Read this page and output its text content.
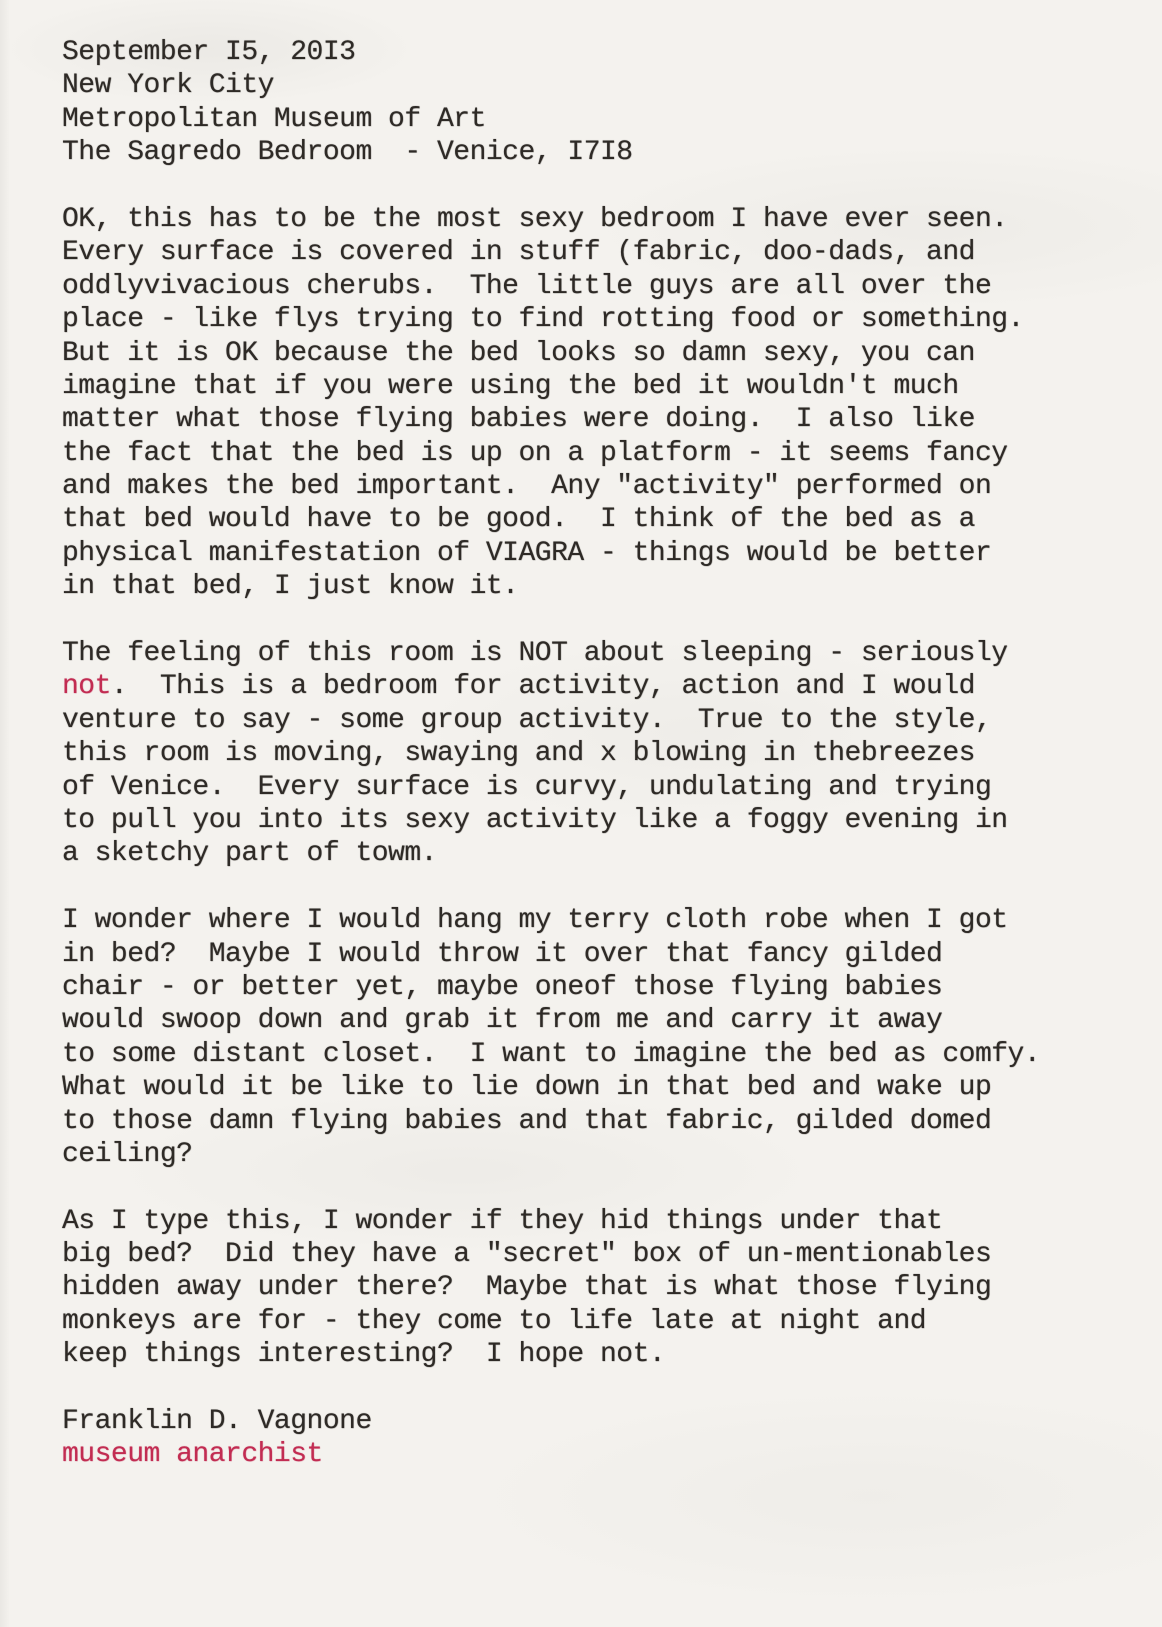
September I5, 20I3
New York City
Metropolitan Museum of Art
The Sagredo Bedroom  - Venice, I7I8
OK, this has to be the most sexy bedroom I have ever seen.
Every surface is covered in stuff (fabric, doo-dads, and
oddlyvivacious cherubs.  The little guys are all over the
place - like flys trying to find rotting food or something.
But it is OK because the bed looks so damn sexy, you can
imagine that if you were using the bed it wouldn't much
matter what those flying babies were doing.  I also like
the fact that the bed is up on a platform - it seems fancy
and makes the bed important.  Any "activity" performed on
that bed would have to be good.  I think of the bed as a
physical manifestation of VIAGRA - things would be better
in that bed, I just know it.
The feeling of this room is NOT about sleeping - seriously
not.  This is a bedroom for activity, action and I would
venture to say - some group activity.  True to the style,
this room is moving, swaying and x blowing in thebreezes
of Venice.  Every surface is curvy, undulating and trying
to pull you into its sexy activity like a foggy evening in
a sketchy part of towm.
I wonder where I would hang my terry cloth robe when I got
in bed?  Maybe I would throw it over that fancy gilded
chair - or better yet, maybe oneof those flying babies
would swoop down and grab it from me and carry it away
to some distant closet.  I want to imagine the bed as comfy.
What would it be like to lie down in that bed and wake up
to those damn flying babies and that fabric, gilded domed
ceiling?
As I type this, I wonder if they hid things under that
big bed?  Did they have a "secret" box of un-mentionables
hidden away under there?  Maybe that is what those flying
monkeys are for - they come to life late at night and
keep things interesting?  I hope not.
Franklin D. Vagnone
museum anarchist
